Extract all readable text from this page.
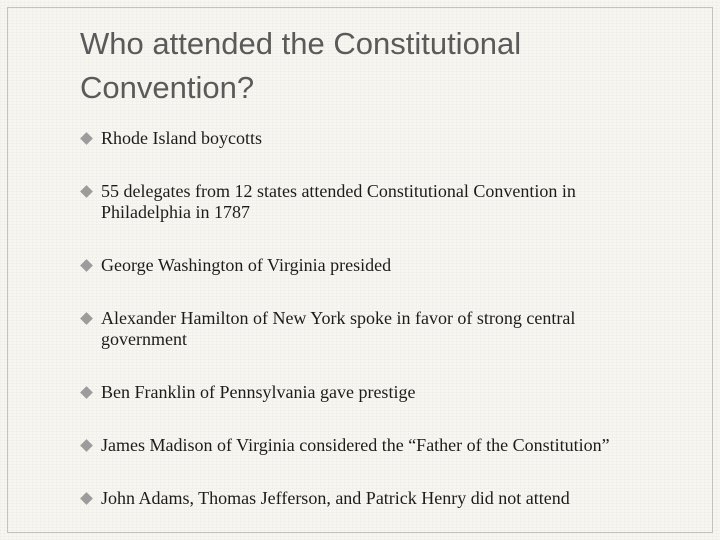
Who attended the Constitutional Convention?
Rhode Island boycotts
55 delegates from 12 states attended Constitutional Convention in Philadelphia in 1787
George Washington of Virginia presided
Alexander Hamilton of New York spoke in favor of strong central government
Ben Franklin of Pennsylvania gave prestige
James Madison of Virginia considered the “Father of the Constitution”
John Adams, Thomas Jefferson, and Patrick Henry did not attend
